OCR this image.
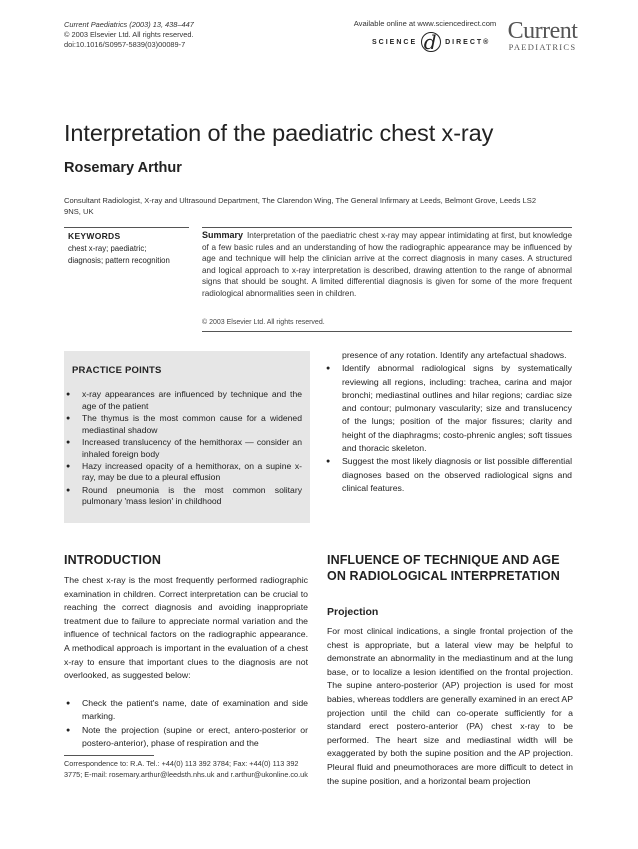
Current Paediatrics (2003) 13, 438–447
© 2003 Elsevier Ltd. All rights reserved.
doi:10.1016/S0957-5839(03)00089-7
Available online at www.sciencedirect.com
SCIENCE d DIRECT® Current
PAEDIATRICS
Interpretation of the paediatric chest x-ray
Rosemary Arthur
Consultant Radiologist, X-ray and Ultrasound Department, The Clarendon Wing, The General Infirmary at Leeds, Belmont Grove, Leeds LS2 9NS, UK
KEYWORDS
chest x-ray; paediatric;
diagnosis; pattern recognition
Summary Interpretation of the paediatric chest x-ray may appear intimidating at first, but knowledge of a few basic rules and an understanding of how the radiographic appearance may be influenced by age and technique will help the clinician arrive at the correct diagnosis in many cases. A structured and logical approach to x-ray interpretation is described, drawing attention to the range of abnormal signs that should be sought. A limited differential diagnosis is given for some of the more frequent radiological abnormalities seen in children.
© 2003 Elsevier Ltd. All rights reserved.
PRACTICE POINTS
● x-ray appearances are influenced by technique and the age of the patient
● The thymus is the most common cause for a widened mediastinal shadow
● Increased translucency of the hemithorax — consider an inhaled foreign body
● Hazy increased opacity of a hemithorax, on a supine x-ray, may be due to a pleural effusion
● Round pneumonia is the most common solitary pulmonary 'mass lesion' in childhood
presence of any rotation. Identify any artefactual shadows.
● Identify abnormal radiological signs by systematically reviewing all regions, including: trachea, carina and major bronchi; mediastinal outlines and hilar regions; cardiac size and contour; pulmonary vascularity; size and translucency of the lungs; position of the major fissures; clarity and height of the diaphragms; costo-phrenic angles; soft tissues and thoracic skeleton.
● Suggest the most likely diagnosis or list possible differential diagnoses based on the observed radiological signs and clinical features.
INTRODUCTION
The chest x-ray is the most frequently performed radiographic examination in children. Correct interpretation can be crucial to reaching the correct diagnosis and avoiding inappropriate treatment due to failure to appreciate normal variation and the influence of technical factors on the radiographic appearance. A methodical approach is important in the evaluation of a chest x-ray to ensure that important clues to the diagnosis are not overlooked, as suggested below:
● Check the patient's name, date of examination and side marking.
● Note the projection (supine or erect, antero-posterior or postero-anterior), phase of respiration and the
Correspondence to: R.A. Tel.: +44(0) 113 392 3784; Fax: +44(0) 113 392 3775; E-mail: rosemary.arthur@leedsth.nhs.uk and r.arthur@ukonline.co.uk
INFLUENCE OF TECHNIQUE AND AGE ON RADIOLOGICAL INTERPRETATION
Projection
For most clinical indications, a single frontal projection of the chest is appropriate, but a lateral view may be helpful to demonstrate an abnormality in the mediastinum and at the lung base, or to localize a lesion identified on the frontal projection. The supine antero-posterior (AP) projection is used for most babies, whereas toddlers are generally examined in an erect AP projection until the child can co-operate sufficiently for a standard erect postero-anterior (PA) chest x-ray to be performed. The heart size and mediastinal width will be exaggerated by both the supine position and the AP projection. Pleural fluid and pneumothoraces are more difficult to detect in the supine position, and a horizontal beam projection
